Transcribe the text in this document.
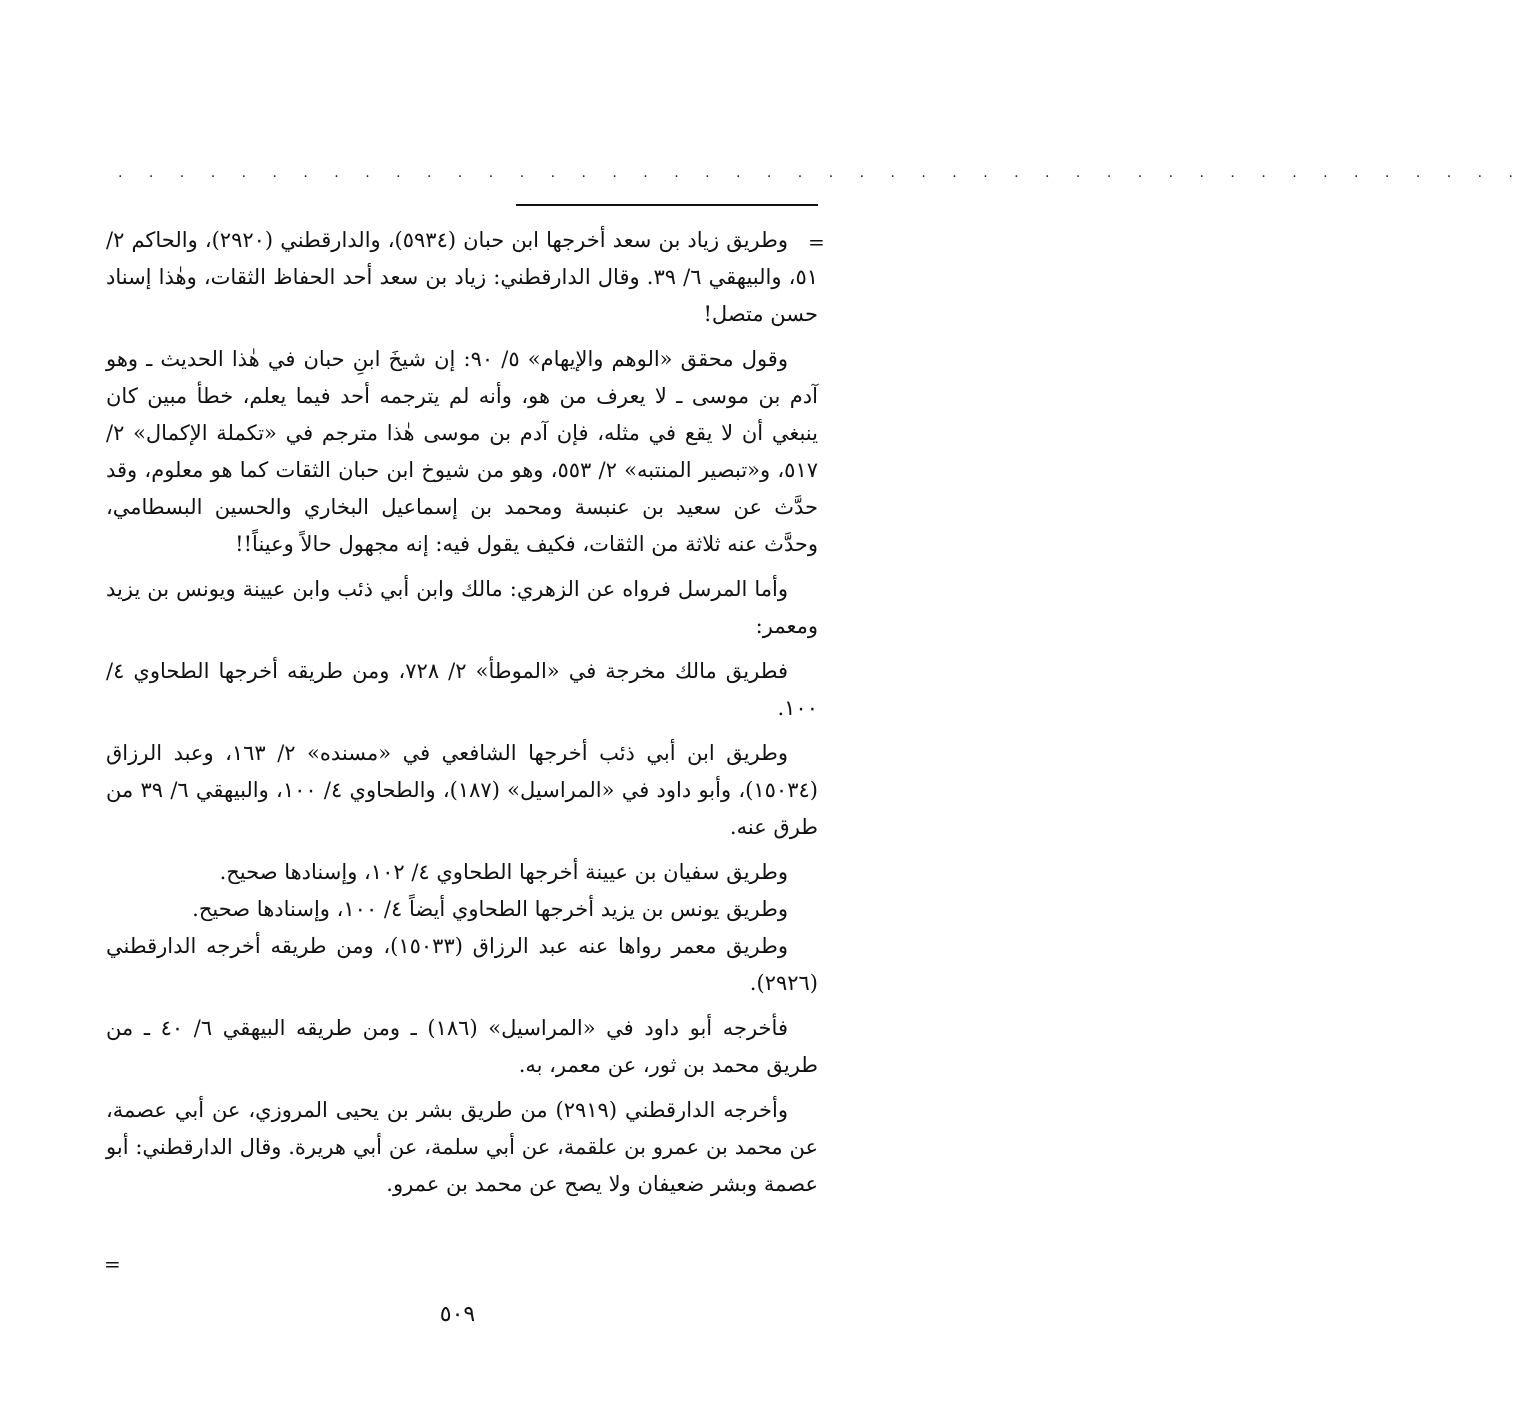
. . . . . . . . . . . . . . . . . . . . . . . . . . . . . . . . . . . . . . . . . . . . . .
=

وطريق زياد بن سعد أخرجها ابن حبان (٥٩٣٤)، والدارقطني (٢٩٢٠)، والحاكم ٢/ ٥١، والبيهقي ٦/ ٣٩. وقال الدارقطني: زياد بن سعد أحد الحفاظ الثقات، وهٰذا إسناد حسن متصل!

وقول محقق «الوهم والإيهام» ٥/ ٩٠: إن شيخَ ابنِ حبان في هٰذا الحديث ـ وهو آدم بن موسى ـ لا يعرف من هو، وأنه لم يترجمه أحد فيما يعلم، خطأ مبين كان ينبغي أن لا يقع في مثله، فإن آدم بن موسى هٰذا مترجم في «تكملة الإكمال» ٢/ ٥١٧، و«تبصير المنتبه» ٢/ ٥٥٣، وهو من شيوخ ابن حبان الثقات كما هو معلوم، وقد حدَّث عن سعيد بن عنبسة ومحمد بن إسماعيل البخاري والحسين البسطامي، وحدَّث عنه ثلاثة من الثقات، فكيف يقول فيه: إنه مجهول حالاً وعيناً!!

وأما المرسل فرواه عن الزهري: مالك وابن أبي ذئب وابن عيينة ويونس بن يزيد ومعمر:

فطريق مالك مخرجة في «الموطأ» ٢/ ٧٢٨، ومن طريقه أخرجها الطحاوي ٤/ ١٠٠.

وطريق ابن أبي ذئب أخرجها الشافعي في «مسنده» ٢/ ١٦٣، وعبد الرزاق (١٥٠٣٤)، وأبو داود في «المراسيل» (١٨٧)، والطحاوي ٤/ ١٠٠، والبيهقي ٦/ ٣٩ من طرق عنه.

وطريق سفيان بن عيينة أخرجها الطحاوي ٤/ ١٠٢، وإسنادها صحيح.

وطريق يونس بن يزيد أخرجها الطحاوي أيضاً ٤/ ١٠٠، وإسنادها صحيح.

وطريق معمر رواها عنه عبد الرزاق (١٥٠٣٣)، ومن طريقه أخرجه الدارقطني (٢٩٢٦).

فأخرجه أبو داود في «المراسيل» (١٨٦) ـ ومن طريقه البيهقي ٦/ ٤٠ ـ من طريق محمد بن ثور، عن معمر، به.

وأخرجه الدارقطني (٢٩١٩) من طريق بشر بن يحيى المروزي، عن أبي عصمة، عن محمد بن عمرو بن علقمة، عن أبي سلمة، عن أبي هريرة. وقال الدارقطني: أبو عصمة وبشر ضعيفان ولا يصح عن محمد بن عمرو.

=
٥٠٩
